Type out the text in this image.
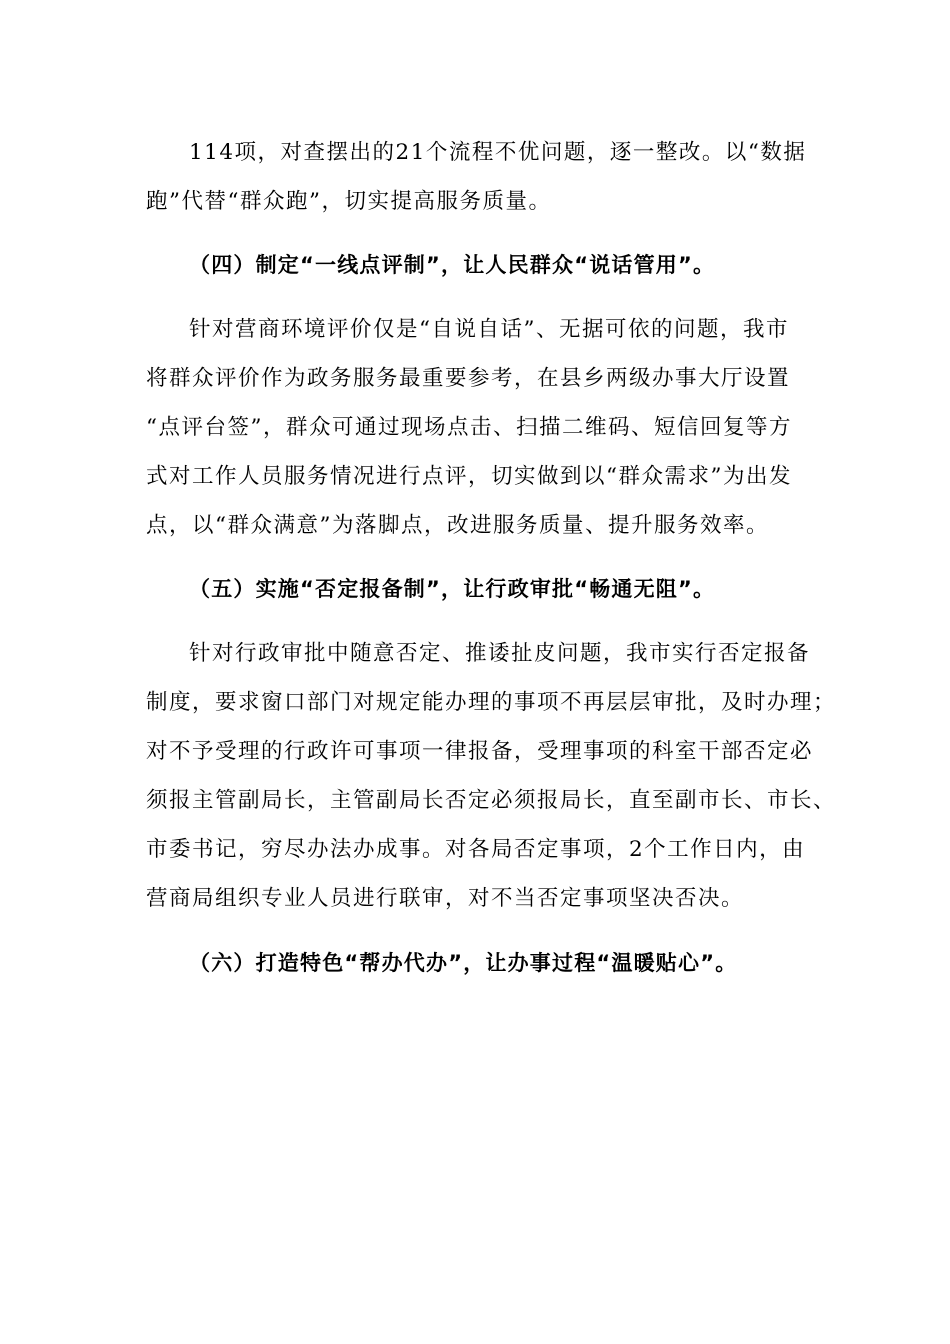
114项，对查摆出的21个流程不优问题，逐一整改。以“数据
跑”代替“群众跑”，切实提高服务质量。
（四）制定“一线点评制”，让人民群众“说话管用”。
针对营商环境评价仅是“自说自话”、无据可依的问题，我市
将群众评价作为政务服务最重要参考，在县乡两级办事大厅设置
“点评台签”，群众可通过现场点击、扫描二维码、短信回复等方
式对工作人员服务情况进行点评，切实做到以“群众需求”为出发
点，以“群众满意”为落脚点，改进服务质量、提升服务效率。
（五）实施“否定报备制”，让行政审批“畅通无阻”。
针对行政审批中随意否定、推诿扯皮问题，我市实行否定报备
制度，要求窗口部门对规定能办理的事项不再层层审批，及时办理；
对不予受理的行政许可事项一律报备，受理事项的科室干部否定必
须报主管副局长，主管副局长否定必须报局长，直至副市长、市长、
市委书记，穷尽办法办成事。对各局否定事项，2个工作日内，由
营商局组织专业人员进行联审，对不当否定事项坚决否决。
（六）打造特色“帮办代办”，让办事过程“温暖贴心”。
